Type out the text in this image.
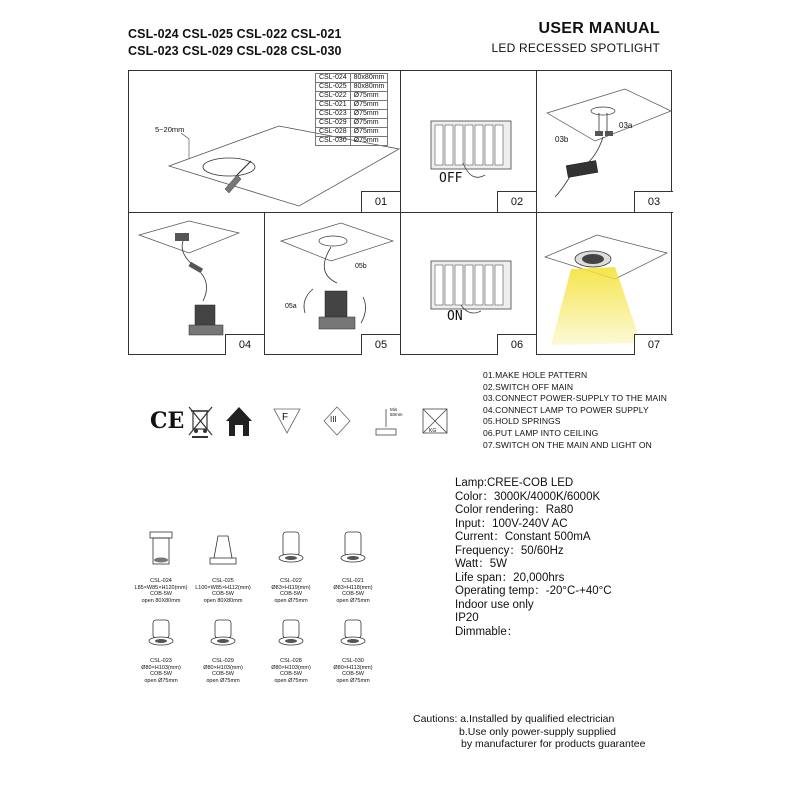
CSL-024 CSL-025 CSL-022 CSL-021
CSL-023 CSL-029 CSL-028 CSL-030
USER MANUAL
LED RECESSED SPOTLIGHT
5~20mm
CSL-024	80x80mm
CSL-025	80x80mm
CSL-022	Ø75mm
CSL-021	Ø75mm
CSL-023	Ø75mm
CSL-029	Ø75mm
CSL-028	Ø75mm
CSL-030	Ø75mm
01
OFF
02
03a
03b
03
04
05a
05b
05
ON
06	07
01.MAKE HOLE PATTERN
02.SWITCH OFF MAIN
03.CONNECT POWER-SUPPLY TO THE MAIN
04.CONNECT LAMP TO POWER SUPPLY
05.HOLD SPRINGS
06.PUT LAMP INTO CEILING
07.SWITCH ON THE MAIN AND LIGHT ON
CE	F	III
Min 50mm
KG
CSL-024
L85×W85×H120(mm)
COB-5W
open 80X80mm
CSL-025
L100×W85×H112(mm)
COB-5W
open 80X80mm
CSL-022
Ø83×H119(mm)
COB-5W
open Ø75mm
CSL-021
Ø83×H118(mm)
COB-5W
open Ø75mm
CSL-023
Ø80×H103(mm)
COB-5W
open Ø75mm
CSL-029
Ø80×H103(mm)
COB-5W
open Ø75mm
CSL-028
Ø80×H103(mm)
COB-5W
open Ø75mm
CSL-030
Ø80×H113(mm)
COB-5W
open Ø75mm
Lamp:CREE-COB LED
Color：3000K/4000K/6000K
Color rendering：Ra80
Input：100V-240V AC
Current：Constant 500mA
Frequency：50/60Hz
Watt：5W
Life span：20,000hrs
Operating temp：-20°C-+40°C
Indoor use only
IP20
Dimmable：
Cautions: a.Installed by qualified electrician
b.Use only power-supply supplied
by manufacturer for products guarantee
